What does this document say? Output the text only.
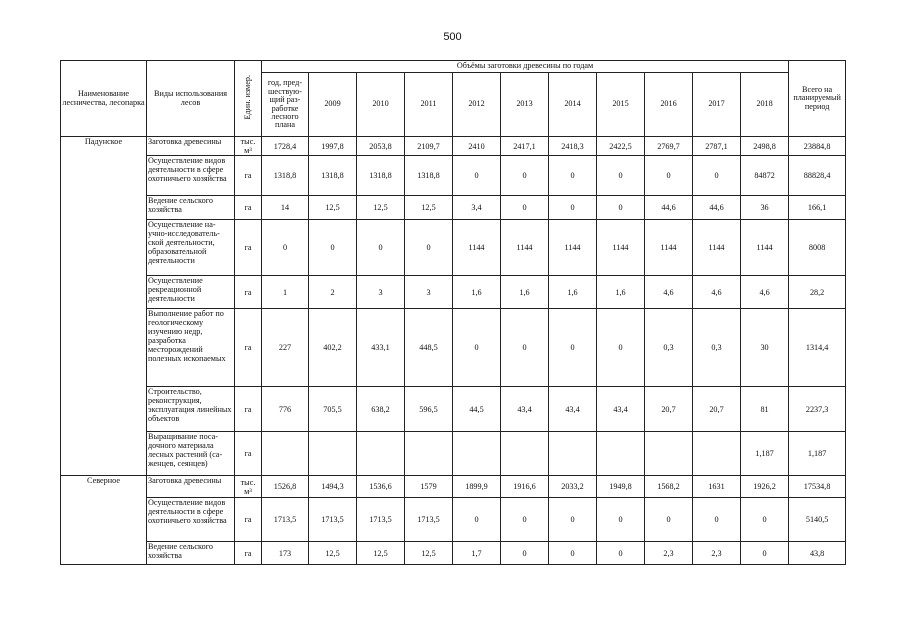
500
Наименование лесничества, лесопарка	Виды использования лесов	Един. измер.	Объёмы заготовки древесины по годам											Всего на планируемый период
			год, пред-шествую-щий раз-работке лесного плана	2009	2010	2011	2012	2013	2014	2015	2016	2017	2018	
Падунское	Заготовка древесины	тыс. м³	1728,4	1997,8	2053,8	2109,7	2410	2417,1	2418,3	2422,5	2769,7	2787,1	2498,8	23884,8
	Осуществление видов деятельности в сфере охотничьего хозяйства	га	1318,8	1318,8	1318,8	1318,8	0	0	0	0	0	0	84872	88828,4
	Ведение сельского хозяйства	га	14	12,5	12,5	12,5	3,4	0	0	0	44,6	44,6	36	166,1
	Осуществление на-учно-исследователь-ской деятельности, образовательной деятельности	га	0	0	0	0	1144	1144	1144	1144	1144	1144	1144	8008
	Осуществление рекреационной деятельности	га	1	2	3	3	1,6	1,6	1,6	1,6	4,6	4,6	4,6	28,2
	Выполнение работ по геологическому изучению недр, разработка месторождений полезных ископаемых	га	227	402,2	433,1	448,5	0	0	0	0	0,3	0,3	30	1314,4
	Строительство, реконструкция, эксплуатация линейных объектов	га	776	705,5	638,2	596,5	44,5	43,4	43,4	43,4	20,7	20,7	81	2237,3
	Выращивание поса-дочного материала лесных растений (са-женцев, сеянцев)	га											1,187	1,187
Северное	Заготовка древесины	тыс. м³	1526,8	1494,3	1536,6	1579	1899,9	1916,6	2033,2	1949,8	1568,2	1631	1926,2	17534,8
	Осуществление видов деятельности в сфере охотничьего хозяйства	га	1713,5	1713,5	1713,5	1713,5	0	0	0	0	0	0	0	5140,5
	Ведение сельского хозяйства	га	173	12,5	12,5	12,5	1,7	0	0	0	2,3	2,3	0	43,8
